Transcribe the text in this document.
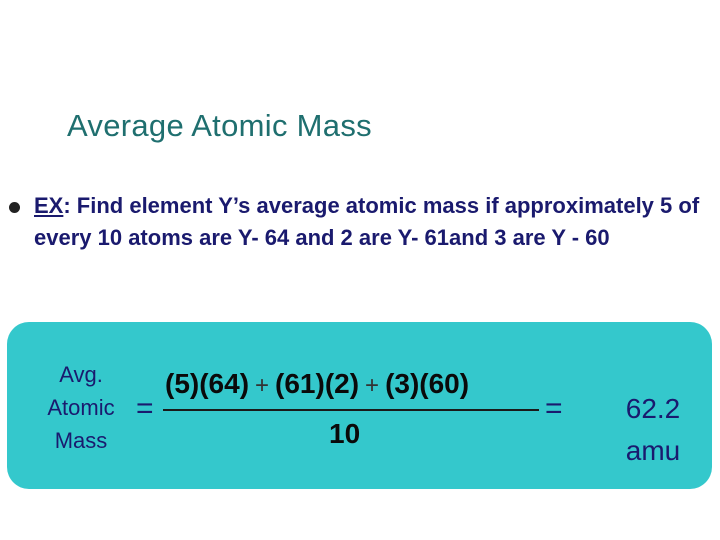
Average Atomic Mass
EX: Find element Y’s average atomic mass if approximately 5 of every 10 atoms are Y- 64 and 2 are Y- 61and 3 are Y - 60
Avg.
Atomic
Mass
=
(5)(64) + (61)(2) + (3)(60)
10
=	62.2
amu
